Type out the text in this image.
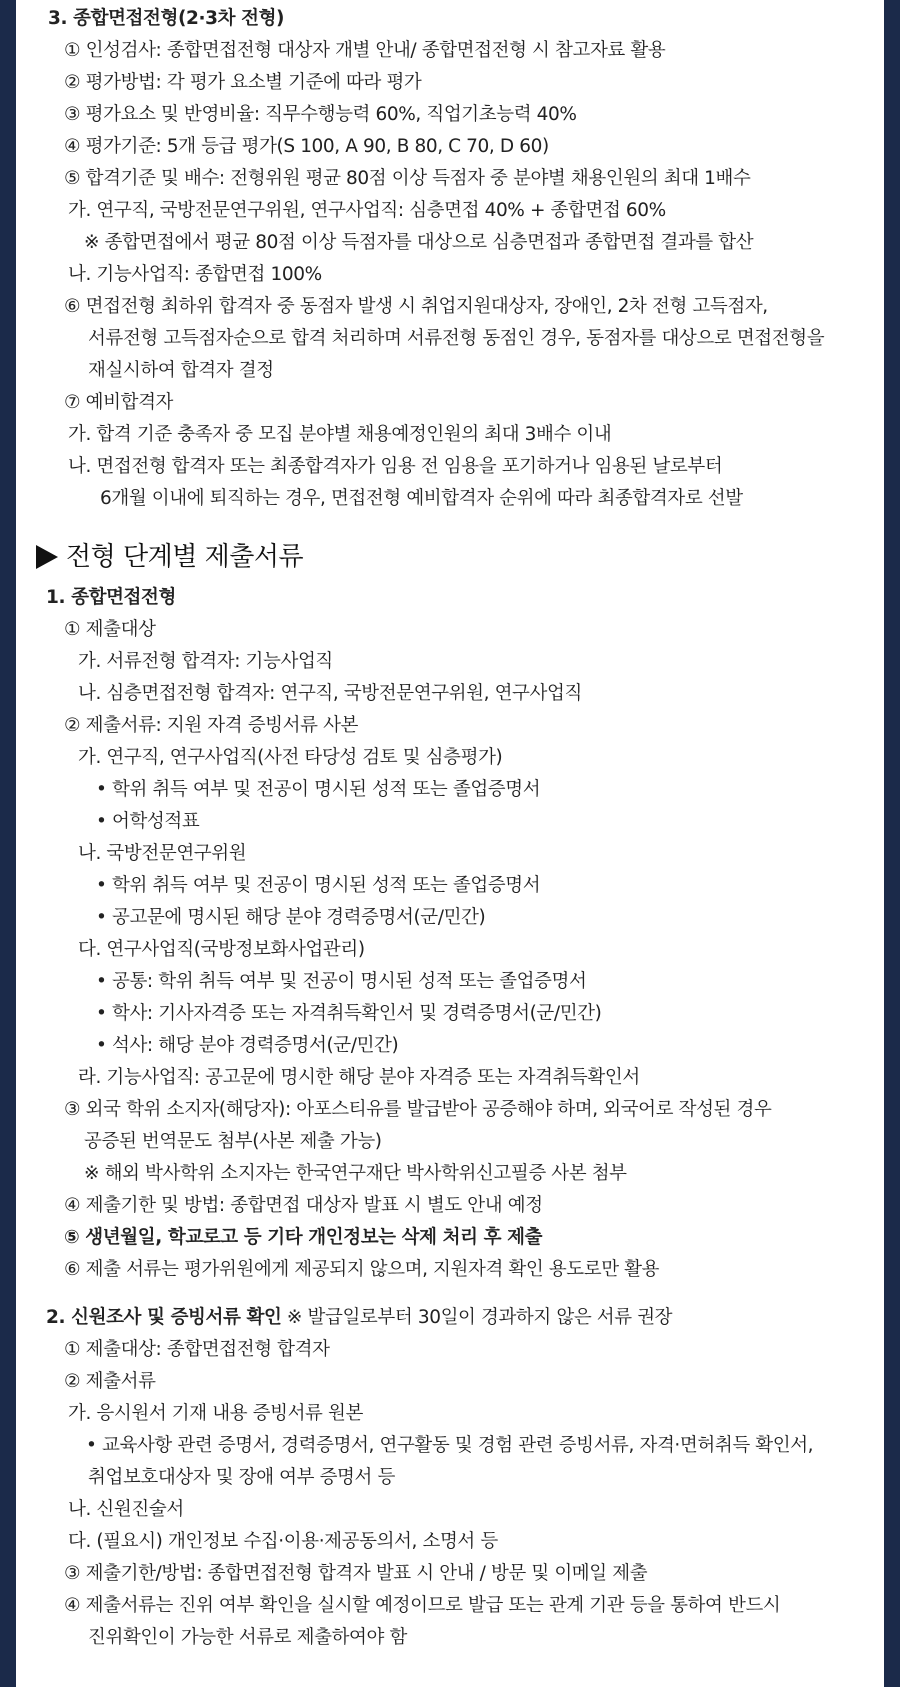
3. 종합면접전형(2·3차 전형)
① 인성검사: 종합면접전형 대상자 개별 안내/ 종합면접전형 시 참고자료 활용
② 평가방법: 각 평가 요소별 기준에 따라 평가
③ 평가요소 및 반영비율: 직무수행능력 60%, 직업기초능력 40%
④ 평가기준: 5개 등급 평가(S 100, A 90, B 80, C 70, D 60)
⑤ 합격기준 및 배수: 전형위원 평균 80점 이상 득점자 중 분야별 채용인원의 최대 1배수
가. 연구직, 국방전문연구위원, 연구사업직: 심층면접 40% + 종합면접 60%
※ 종합면접에서 평균 80점 이상 득점자를 대상으로 심층면접과 종합면접 결과를 합산
나. 기능사업직: 종합면접 100%
⑥ 면접전형 최하위 합격자 중 동점자 발생 시 취업지원대상자, 장애인, 2차 전형 고득점자,
서류전형 고득점자순으로 합격 처리하며 서류전형 동점인 경우, 동점자를 대상으로 면접전형을
재실시하여 합격자 결정
⑦ 예비합격자
가. 합격 기준 충족자 중 모집 분야별 채용예정인원의 최대 3배수 이내
나. 면접전형 합격자 또는 최종합격자가 임용 전 임용을 포기하거나 임용된 날로부터
6개월 이내에 퇴직하는 경우, 면접전형 예비합격자 순위에 따라 최종합격자로 선발
전형 단계별 제출서류
1. 종합면접전형
① 제출대상
가. 서류전형 합격자: 기능사업직
나. 심층면접전형 합격자: 연구직, 국방전문연구위원, 연구사업직
② 제출서류: 지원 자격 증빙서류 사본
가. 연구직, 연구사업직(사전 타당성 검토 및 심층평가)
• 학위 취득 여부 및 전공이 명시된 성적 또는 졸업증명서
• 어학성적표
나. 국방전문연구위원
• 학위 취득 여부 및 전공이 명시된 성적 또는 졸업증명서
• 공고문에 명시된 해당 분야 경력증명서(군/민간)
다. 연구사업직(국방정보화사업관리)
• 공통: 학위 취득 여부 및 전공이 명시된 성적 또는 졸업증명서
• 학사: 기사자격증 또는 자격취득확인서 및 경력증명서(군/민간)
• 석사: 해당 분야 경력증명서(군/민간)
라. 기능사업직: 공고문에 명시한 해당 분야 자격증 또는 자격취득확인서
③ 외국 학위 소지자(해당자): 아포스티유를 발급받아 공증해야 하며, 외국어로 작성된 경우
공증된 번역문도 첨부(사본 제출 가능)
※ 해외 박사학위 소지자는 한국연구재단 박사학위신고필증 사본 첨부
④ 제출기한 및 방법: 종합면접 대상자 발표 시 별도 안내 예정
⑤ 생년월일, 학교로고 등 기타 개인정보는 삭제 처리 후 제출
⑥ 제출 서류는 평가위원에게 제공되지 않으며, 지원자격 확인 용도로만 활용
2. 신원조사 및 증빙서류 확인 ※ 발급일로부터 30일이 경과하지 않은 서류 권장
① 제출대상: 종합면접전형 합격자
② 제출서류
가. 응시원서 기재 내용 증빙서류 원본
• 교육사항 관련 증명서, 경력증명서, 연구활동 및 경험 관련 증빙서류, 자격·면허취득 확인서,
취업보호대상자 및 장애 여부 증명서 등
나. 신원진술서
다. (필요시) 개인정보 수집·이용·제공동의서, 소명서 등
③ 제출기한/방법: 종합면접전형 합격자 발표 시 안내 / 방문 및 이메일 제출
④ 제출서류는 진위 여부 확인을 실시할 예정이므로 발급 또는 관계 기관 등을 통하여 반드시
진위확인이 가능한 서류로 제출하여야 함
